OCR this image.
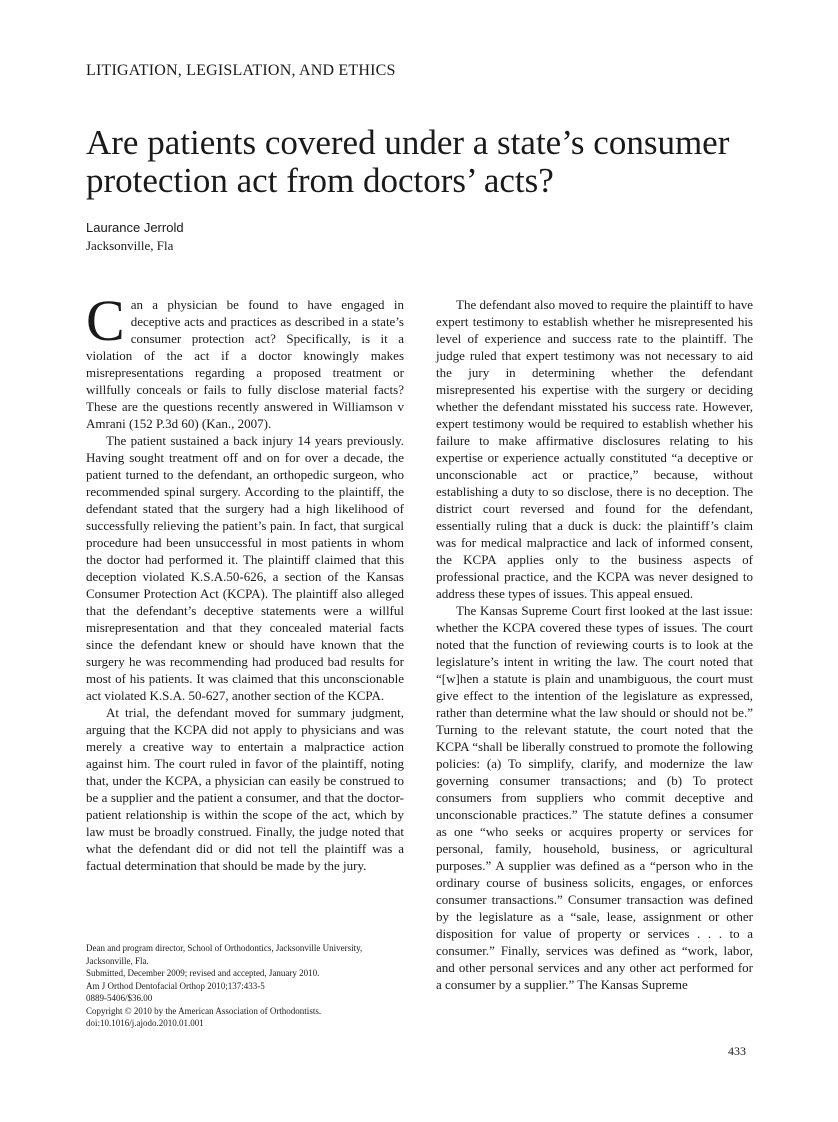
LITIGATION, LEGISLATION, AND ETHICS
Are patients covered under a state’s consumer protection act from doctors’ acts?
Laurance Jerrold
Jacksonville, Fla

Can a physician be found to have engaged in deceptive acts and practices as described in a state’s consumer protection act? Specifically, is it a violation of the act if a doctor knowingly makes misrepresentations regarding a proposed treatment or willfully conceals or fails to fully disclose material facts? These are the questions recently answered in Williamson v Amrani (152 P.3d 60) (Kan., 2007).

The patient sustained a back injury 14 years previously. Having sought treatment off and on for over a decade, the patient turned to the defendant, an orthopedic surgeon, who recommended spinal surgery. According to the plaintiff, the defendant stated that the surgery had a high likelihood of successfully relieving the patient’s pain. In fact, that surgical procedure had been unsuccessful in most patients in whom the doctor had performed it. The plaintiff claimed that this deception violated K.S.A.50-626, a section of the Kansas Consumer Protection Act (KCPA). The plaintiff also alleged that the defendant’s deceptive statements were a willful misrepresentation and that they concealed material facts since the defendant knew or should have known that the surgery he was recommending had produced bad results for most of his patients. It was claimed that this unconscionable act violated K.S.A. 50-627, another section of the KCPA.

At trial, the defendant moved for summary judgment, arguing that the KCPA did not apply to physicians and was merely a creative way to entertain a malpractice action against him. The court ruled in favor of the plaintiff, noting that, under the KCPA, a physician can easily be construed to be a supplier and the patient a consumer, and that the doctor-patient relationship is within the scope of the act, which by law must be broadly construed. Finally, the judge noted that what the defendant did or did not tell the plaintiff was a factual determination that should be made by the jury.

Dean and program director, School of Orthodontics, Jacksonville University, Jacksonville, Fla.
Submitted, December 2009; revised and accepted, January 2010.
Am J Orthod Dentofacial Orthop 2010;137:433-5
0889-5406/$36.00
Copyright © 2010 by the American Association of Orthodontists.
doi:10.1016/j.ajodo.2010.01.001

The defendant also moved to require the plaintiff to have expert testimony to establish whether he misrepresented his level of experience and success rate to the plaintiff. The judge ruled that expert testimony was not necessary to aid the jury in determining whether the defendant misrepresented his expertise with the surgery or deciding whether the defendant misstated his success rate. However, expert testimony would be required to establish whether his failure to make affirmative disclosures relating to his expertise or experience actually constituted “a deceptive or unconscionable act or practice,” because, without establishing a duty to so disclose, there is no deception. The district court reversed and found for the defendant, essentially ruling that a duck is duck: the plaintiff’s claim was for medical malpractice and lack of informed consent, the KCPA applies only to the business aspects of professional practice, and the KCPA was never designed to address these types of issues. This appeal ensued.

The Kansas Supreme Court first looked at the last issue: whether the KCPA covered these types of issues. The court noted that the function of reviewing courts is to look at the legislature’s intent in writing the law. The court noted that “[w]hen a statute is plain and unambiguous, the court must give effect to the intention of the legislature as expressed, rather than determine what the law should or should not be.” Turning to the relevant statute, the court noted that the KCPA “shall be liberally construed to promote the following policies: (a) To simplify, clarify, and modernize the law governing consumer transactions; and (b) To protect consumers from suppliers who commit deceptive and unconscionable practices.” The statute defines a consumer as one “who seeks or acquires property or services for personal, family, household, business, or agricultural purposes.” A supplier was defined as a “person who in the ordinary course of business solicits, engages, or enforces consumer transactions.” Consumer transaction was defined by the legislature as a “sale, lease, assignment or other disposition for value of property or services . . . to a consumer.” Finally, services was defined as “work, labor, and other personal services and any other act performed for a consumer by a supplier.” The Kansas Supreme

433
